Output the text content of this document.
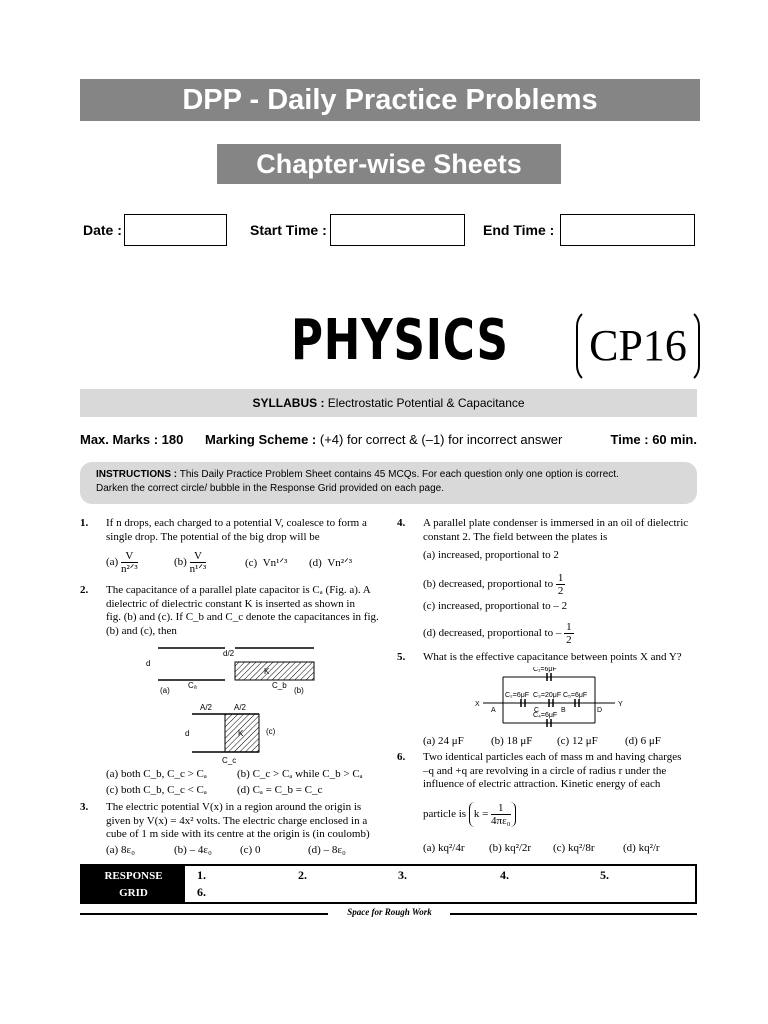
DPP - Daily Practice Problems
Chapter-wise Sheets
Date :	Start Time :	End Time :
PHYSICS CP16
SYLLABUS : Electrostatic Potential & Capacitance
Max. Marks : 180 Marking Scheme : (+4) for correct & (–1) for incorrect answer	Time : 60 min.
INSTRUCTIONS : This Daily Practice Problem Sheet contains 45 MCQs. For each question only one option is correct.
Darken the correct circle/ bubble in the Response Grid provided on each page.
1. If n drops, each charged to a potential V, coalesce to form a
single drop. The potential of the big drop will be
$(a) \frac{V}{\text{n²ᐟ³}}$	$(b) \frac{V}{\text{n¹ᐟ³}}$	(c) Vn¹ᐟ³ (d) Vn²ᐟ³
2. The capacitance of a parallel plate capacitor is Cₐ (Fig. a). A
dielectric of dielectric constant K is inserted as shown in
fig. (b) and (c). If C_b and C_c denote the capacitances in fig.
(b) and (c), then
d
Cₐ
(a)
K
d/2
C_b
(b)
A/2	A/2
K
d	(c)
C_c
(a) both C_b, C_c > Cₐ	(b) C_c > Cₐ while C_b > Cₐ
(c) both C_b, C_c < Cₐ	(d) Cₐ = C_b = C_c
3. The electric potential V(x) in a region around the origin is
given by V(x) = 4x² volts. The electric charge enclosed in a
cube of 1 m side with its centre at the origin is (in coulomb)
(a) 8ε₀	(b) – 4ε₀	(c) 0	(d) – 8ε₀
4. A parallel plate condenser is immersed in an oil of dielectric
constant 2. The field between the plates is
(a) increased, proportional to 2
(b) decreased, proportional to $\frac{1}{2}$
(c) increased, proportional to – 2
(d) decreased, proportional to – $\frac{1}{2}$
5. What is the effective capacitance between points X and Y?
C₁=6μF
C₂=6μF C₃=20μF C₅=6μF
C₄=6μF
X	Y
A	C	B	D
(a) 24 μF (b) 18 μF (c) 12 μF (d) 6 μF
6. Two identical particles each of mass m and having charges
–q and +q are revolving in a circle of radius r under the
influence of electric attraction. Kinetic energy of each
particle is $k = \frac{1}{\text{4πε₀}}$
(a) kq²/4r (b) kq²/2r (c) kq²/8r	(d) kq²/r
RESPONSE
GRID
1.	2.	3.	4.	5.
6.
Space for Rough Work
